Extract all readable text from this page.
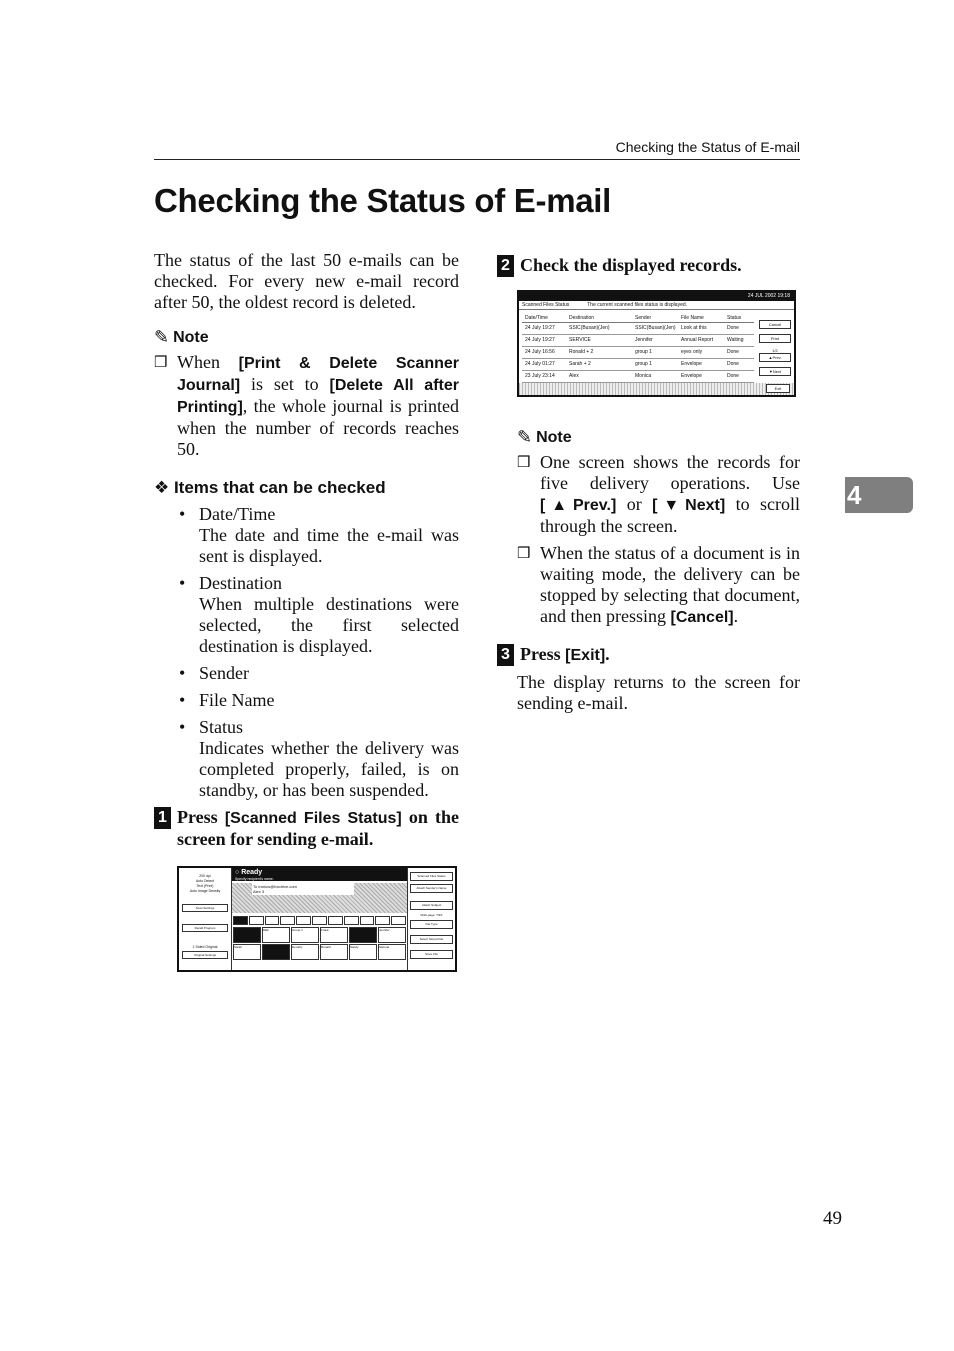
Checking the Status of E-mail
Checking the Status of E-mail
4
49

The status of the last 50 e-mails can be checked. For every new e-mail record after 50, the oldest record is deleted.

✎ Note
❒ When [Print & Delete Scanner Journal] is set to [Delete All after Printing], the whole journal is printed when the number of records reaches 50.
❖ Items that can be checked
• Date/Time
The date and time the e-mail was sent is displayed.
• Destination
When multiple destinations were selected, the first selected destination is displayed.
• Sender
• File Name
• Status
Indicates whether the delivery was completed properly, failed, is on standby, or has been suspended.
1 Press [Scanned Files Status] on the screen for sending e-mail.
2 Check the displayed records.
✎ Note
❒ One screen shows the records for five delivery operations. Use [▲Prev.] or [▼Next] to scroll through the screen.
❒ When the status of a document is in waiting mode, the delivery can be stopped by selecting that document, and then pressing [Cancel].
3 Press [Exit].

The display returns to the screen for sending e-mail.

24 JUL 2002 19:18
Scanned Files Status	The current scanned files status is displayed.
Date/Time	Destination	Sender	File Name	Status
24 July 19:27	SSIC(Busan)(Jen)	SSIC(Busan)(Jen)	Look at this	Done
24 July 19:27	SERVICE	Jennifer	Annual Report	Waiting
24 July 16:56	Ronald + 2	group 1	eyes only	Done
24 July 01:27	Sarah + 2	group 1	Envelope	Done
23 July 23:14	Alex	Monica	Envelope	Done
Cancel
Print
1/2
▲Prev.
▼Next
Exit
200 dpi
Auto Detect
Text (Print)
Auto Image Density
Scan Settings
Recall Program
1 Sided Original
Original Settings
○ Ready
Specify recipient's name.
To tronics@foxdrive.com
Alex 3
DEF	Group 1	Frank	Jennifer
Sarah	Dorothy	Ronald	Sandy	Samuel
Scanned Files Status
Attach Sender's Name
Attach Subject
Multi-page: TIFF
File Type
Select Stored File
Store File
